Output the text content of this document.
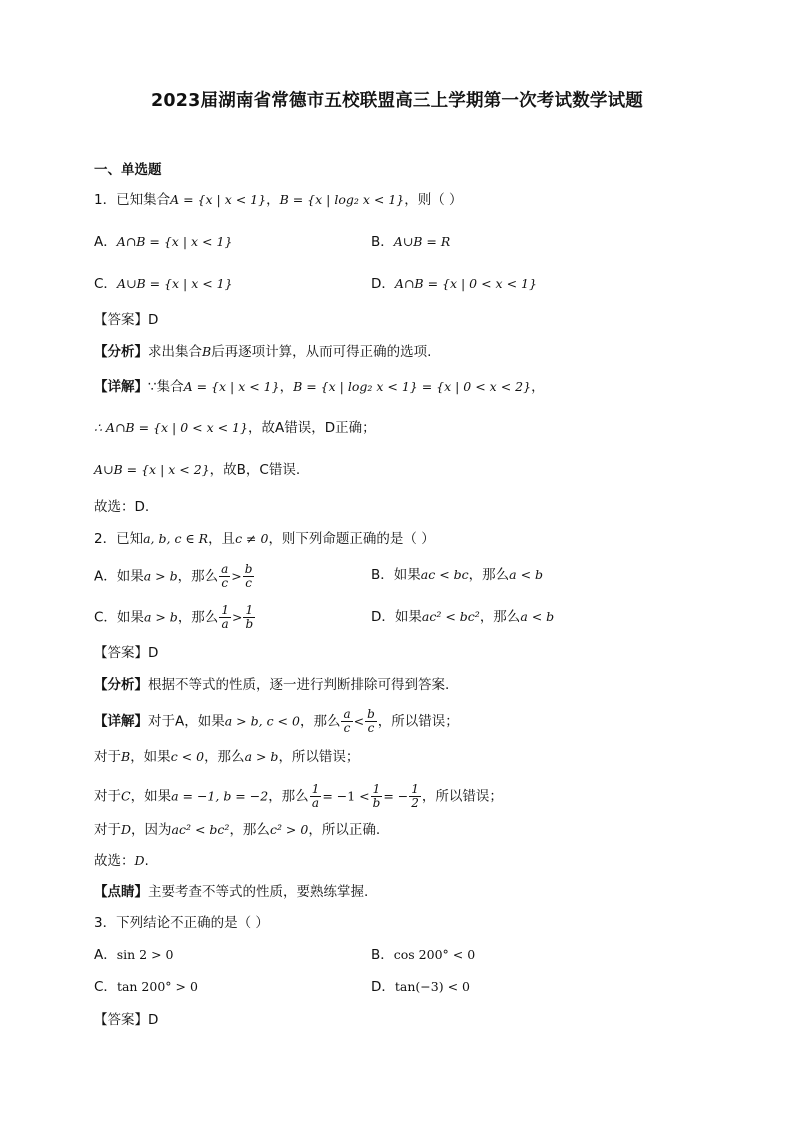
2023届湖南省常德市五校联盟高三上学期第一次考试数学试题
一、单选题
1．已知集合A = {x | x < 1}，B = {x | log₂ x < 1}，则（ ）
A．A∩B = {x | x < 1}	B．A∪B = R
C．A∪B = {x | x < 1}	D．A∩B = {x | 0 < x < 1}
【答案】D
【分析】求出集合B后再逐项计算，从而可得正确的选项.
【详解】∵集合A = {x | x < 1}，B = {x | log₂ x < 1} = {x | 0 < x < 2}，
∴ A∩B = {x | 0 < x < 1}，故A错误，D正确；
A∪B = {x | x < 2}，故B，C错误.
故选：D.
2．已知a, b, c ∈ R，且c ≠ 0，则下列命题正确的是（ ）
A．如果a > b，那么 $\frac{a}{c} > \frac{b}{c}$	B．如果ac < bc，那么a < b
C．如果a > b，那么 $\frac{1}{a} > \frac{1}{b}$	D．如果ac² < bc²，那么a < b
【答案】D
【分析】根据不等式的性质，逐一进行判断排除可得到答案.
【详解】对于A，如果a > b, c < 0，那么 $\frac{a}{c} < \frac{b}{c}$ ，所以错误；
对于B，如果c < 0，那么a > b，所以错误；
对于C，如果a = −1, b = −2，那么 $\frac{1}{a} = -1 < \frac{1}{b}$ = − $\frac{1}{2}$ ，所以错误；
对于D，因为ac² < bc²，那么c² > 0，所以正确.
故选：D.
【点睛】主要考查不等式的性质，要熟练掌握.
3．下列结论不正确的是（ ）
A．sin 2 > 0	B．cos 200° < 0
C．tan 200° > 0	D．tan(−3) < 0
【答案】D
